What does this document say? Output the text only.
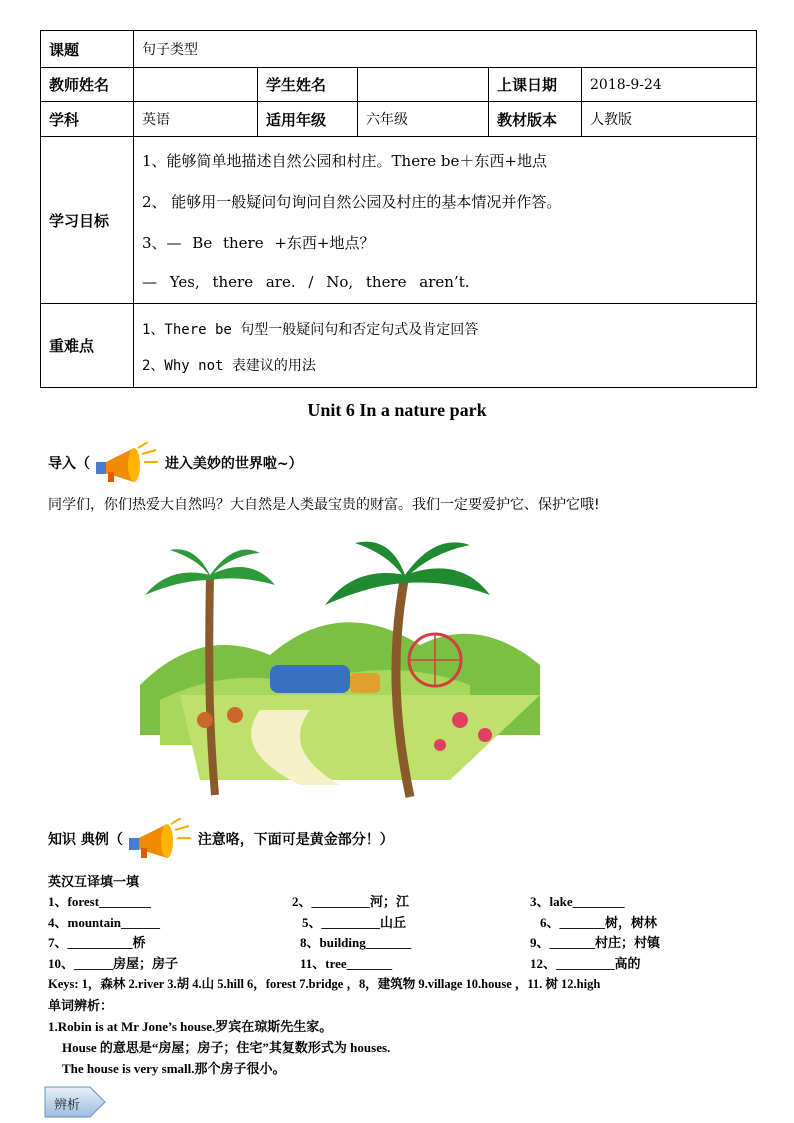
课题	句子类型				
教师姓名		学生姓名		上课日期	2018-9-24
学科	英语	适用年级	六年级	教材版本	人教版
学习目标	1、能够简单地描述自然公园和村庄。There be＋东西+地点

2、 能够用一般疑问句询问自然公园及村庄的基本情况并作答。

3、— Be there +东西+地点？

— Yes, there are. / No, there aren’t.				

重难点	1、There be 句型一般疑问句和否定句式及肯定回答

2、Why not 表建议的用法				

Unit 6 In a nature park
导入（	进入美妙的世界啦~）
同学们，你们热爱大自然吗？大自然是人类最宝贵的财富。我们一定要爱护它、保护它哦!
知识 典例（	注意咯，下面可是黄金部分！）
英汉互译填一填
1、forest________	2、_________河；江	3、lake________
4、mountain______	5、_________山丘	6、_______树，树林
7、__________桥	8、building_______	9、_______村庄；村镇
10、______房屋；房子	11、tree_______	12、_________高的
Keys: 1，森林 2.river 3.胡 4.山 5.hill 6，forest 7.bridge ，8，建筑物 9.village 10.house ，11. 树 12.high
单词辨析：
1.Robin is at Mr Jone’s house.罗宾在琼斯先生家。
House 的意思是“房屋；房子；住宅”其复数形式为 houses.
The house is very small.那个房子很小。
辨析
